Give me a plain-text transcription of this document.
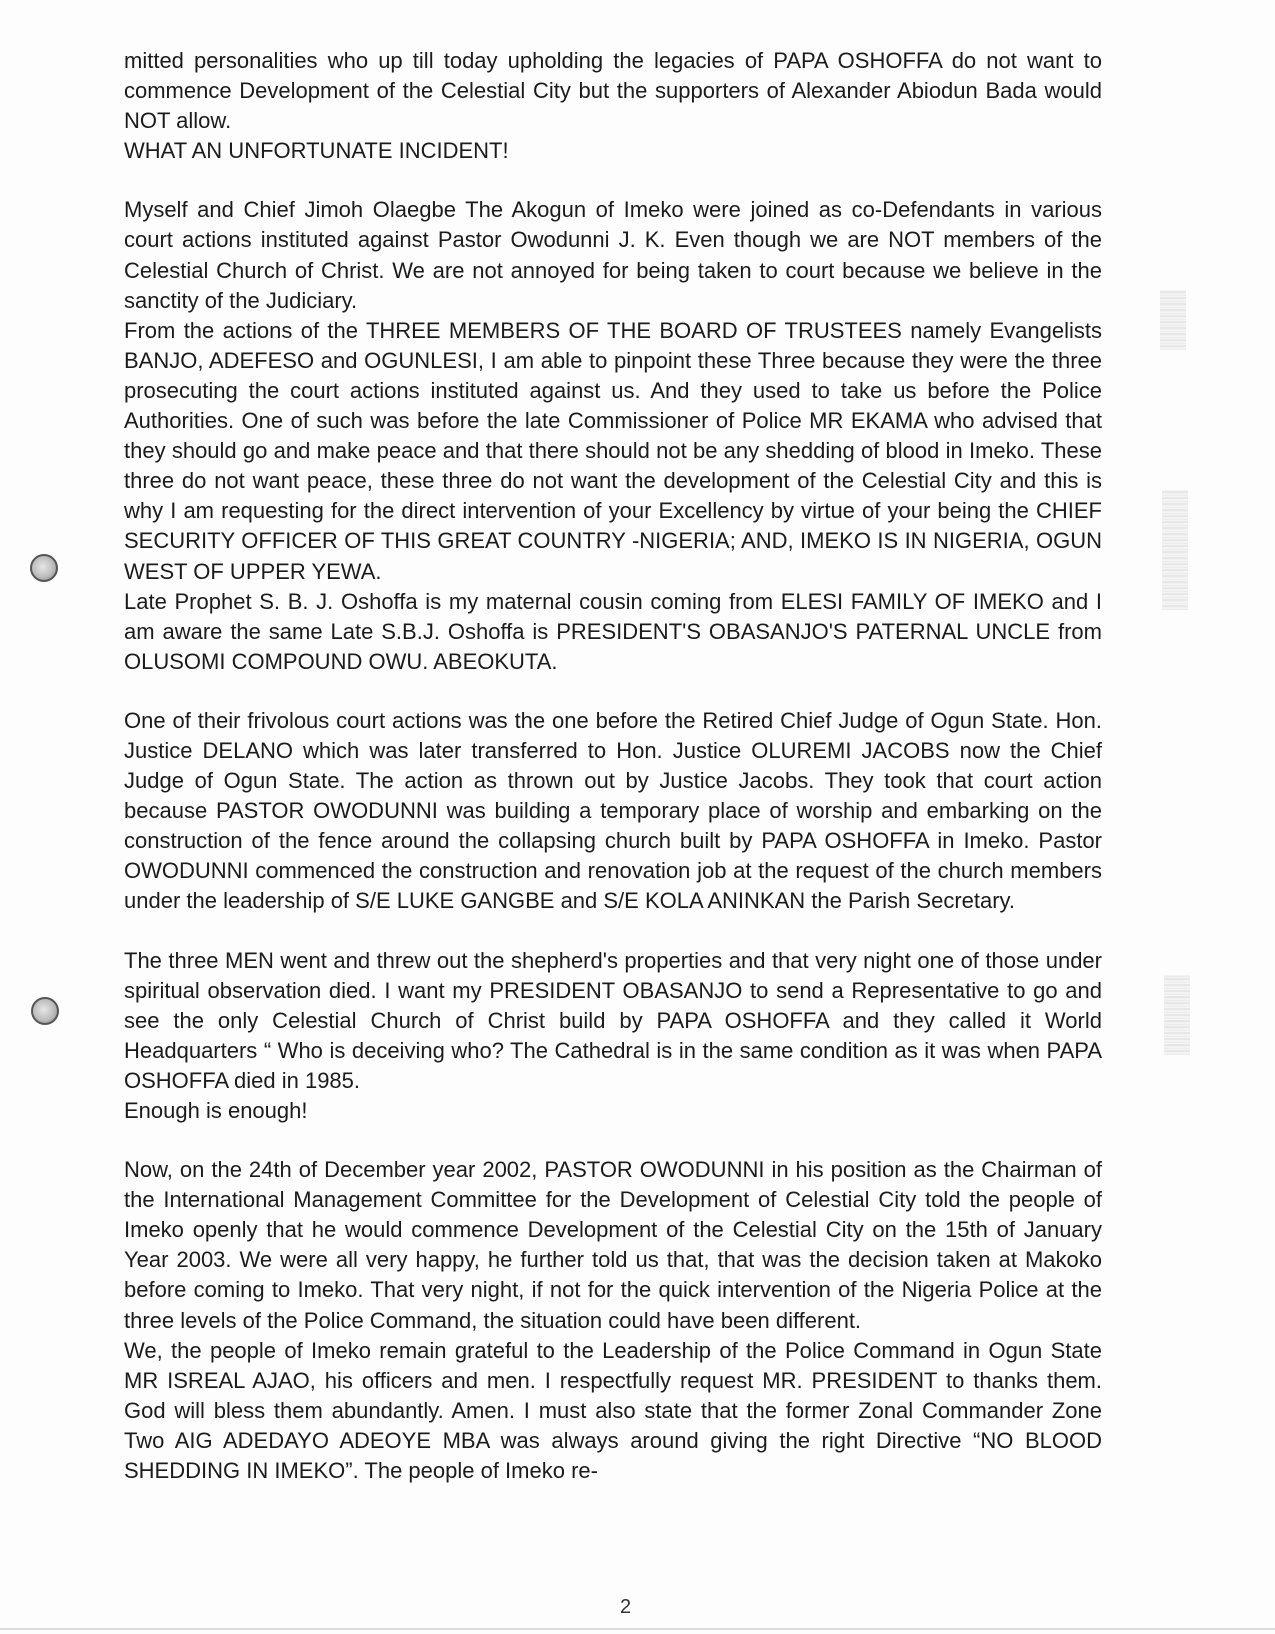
mitted personalities who up till today upholding the legacies of PAPA OSHOFFA do not want to commence Development of the Celestial City but the supporters of Alexander Abiodun Bada would NOT allow.

WHAT AN UNFORTUNATE INCIDENT!

Myself and Chief Jimoh Olaegbe The Akogun of Imeko were joined as co-Defendants in various court actions instituted against Pastor Owodunni J. K. Even though we are NOT members of the Celestial Church of Christ. We are not annoyed for being taken to court because we believe in the sanctity of the Judiciary.

From the actions of the THREE MEMBERS OF THE BOARD OF TRUSTEES namely Evangelists BANJO, ADEFESO and OGUNLESI, I am able to pinpoint these Three because they were the three prosecuting the court actions instituted against us. And they used to take us before the Police Authorities. One of such was before the late Commissioner of Police MR EKAMA who advised that they should go and make peace and that there should not be any shedding of blood in Imeko. These three do not want peace, these three do not want the development of the Celestial City and this is why I am requesting for the direct intervention of your Excellency by virtue of your being the CHIEF SECURITY OFFICER OF THIS GREAT COUNTRY -NIGERIA; AND, IMEKO IS IN NIGERIA, OGUN WEST OF UPPER YEWA.

Late Prophet S. B. J. Oshoffa is my maternal cousin coming from ELESI FAMILY OF IMEKO and I am aware the same Late S.B.J. Oshoffa is PRESIDENT'S OBASANJO'S PATERNAL UNCLE from OLUSOMI COMPOUND OWU. ABEOKUTA.

One of their frivolous court actions was the one before the Retired Chief Judge of Ogun State. Hon. Justice DELANO which was later transferred to Hon. Justice OLUREMI JACOBS now the Chief Judge of Ogun State. The action as thrown out by Justice Jacobs. They took that court action because PASTOR OWODUNNI was building a temporary place of worship and embarking on the construction of the fence around the collapsing church built by PAPA OSHOFFA in Imeko. Pastor OWODUNNI commenced the construction and renovation job at the request of the church members under the leadership of S/E LUKE GANGBE and S/E KOLA ANINKAN the Parish Secretary.

The three MEN went and threw out the shepherd's properties and that very night one of those under spiritual observation died. I want my PRESIDENT OBASANJO to send a Representative to go and see the only Celestial Church of Christ build by PAPA OSHOFFA and they called it World Headquarters “ Who is deceiving who? The Cathedral is in the same condition as it was when PAPA OSHOFFA died in 1985.

Enough is enough!

Now, on the 24th of December year 2002, PASTOR OWODUNNI in his position as the Chairman of the International Management Committee for the Development of Celestial City told the people of Imeko openly that he would commence Development of the Celestial City on the 15th of January Year 2003. We were all very happy, he further told us that, that was the decision taken at Makoko before coming to Imeko. That very night, if not for the quick intervention of the Nigeria Police at the three levels of the Police Command, the situation could have been different.

We, the people of Imeko remain grateful to the Leadership of the Police Command in Ogun State MR ISREAL AJAO, his officers and men. I respectfully request MR. PRESIDENT to thanks them. God will bless them abundantly. Amen. I must also state that the former Zonal Commander Zone Two AIG ADEDAYO ADEOYE MBA was always around giving the right Directive “NO BLOOD SHEDDING IN IMEKO”. The people of Imeko re-

2
